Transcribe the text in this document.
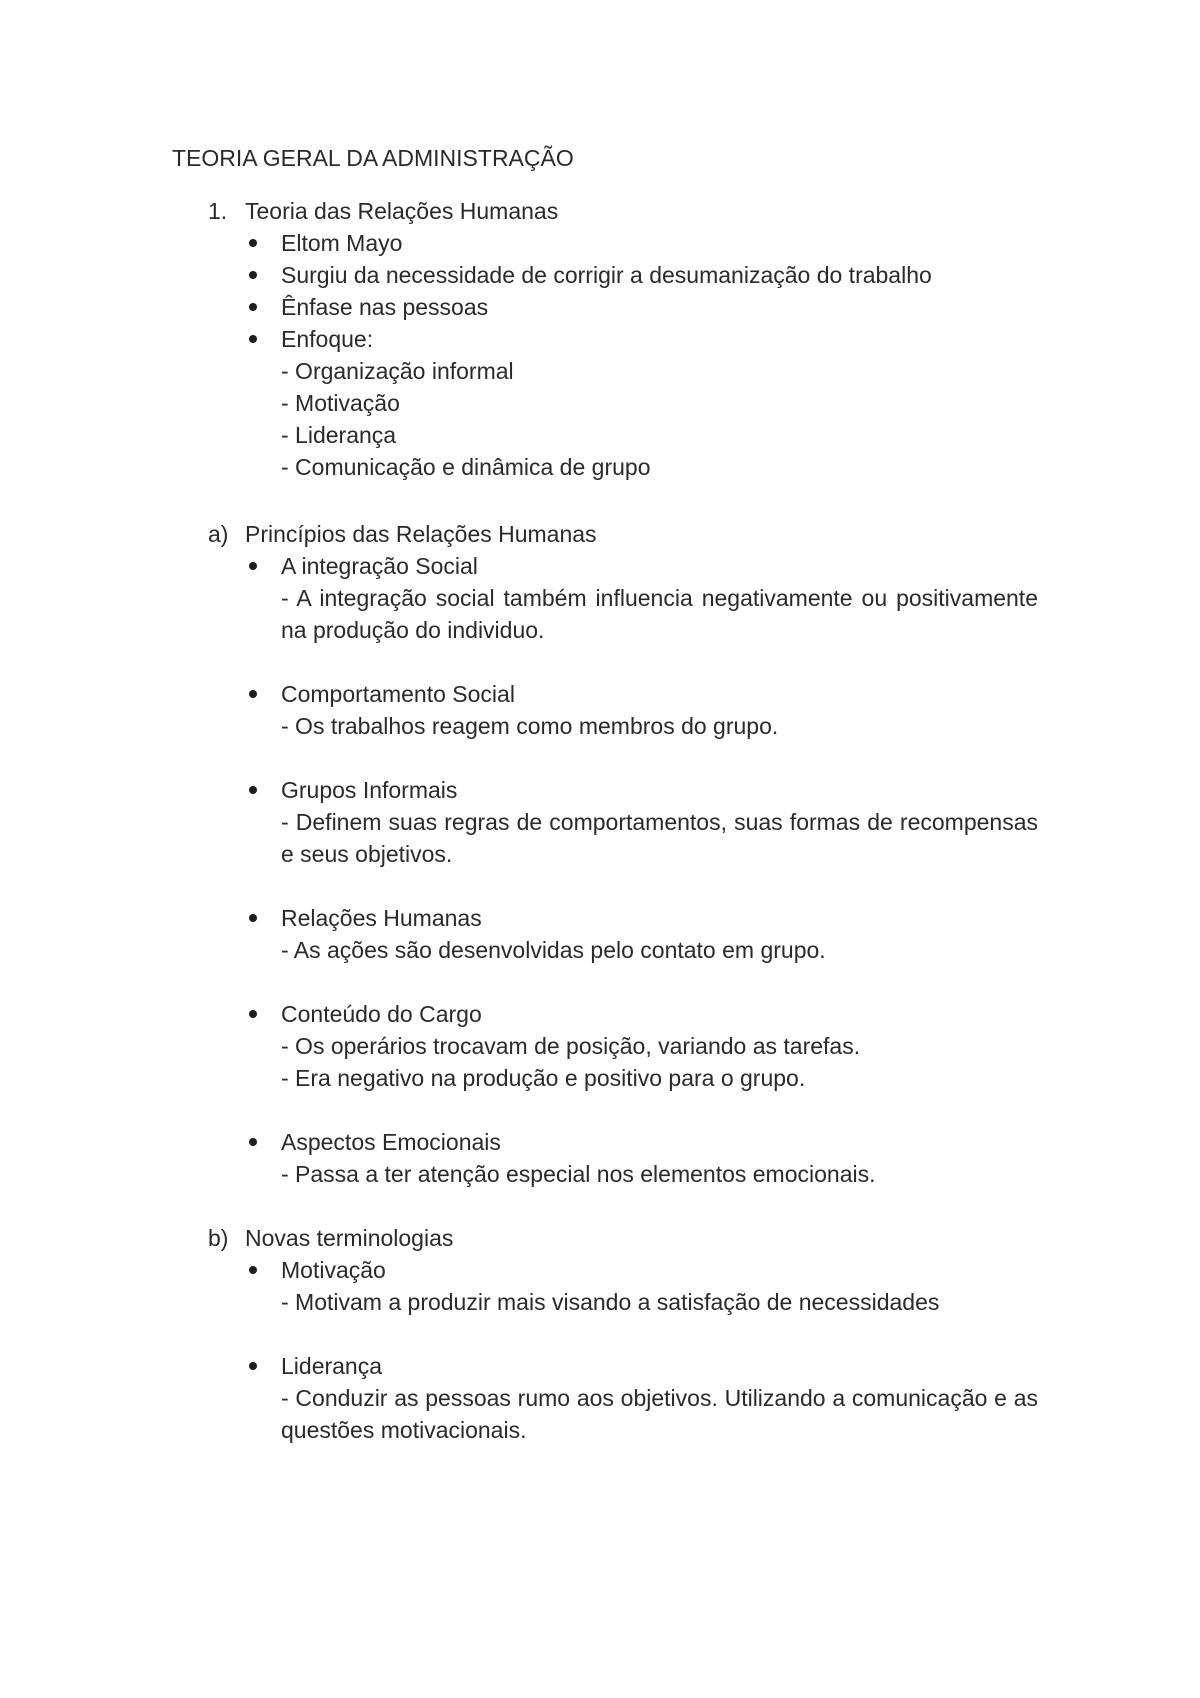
TEORIA GERAL DA ADMINISTRAÇÃO
1. Teoria das Relações Humanas
Eltom Mayo
Surgiu da necessidade de corrigir a desumanização do trabalho
Ênfase nas pessoas
Enfoque:
- Organização informal
- Motivação
- Liderança
- Comunicação e dinâmica de grupo
a) Princípios das Relações Humanas
A integração Social
- A integração social também influencia negativamente ou positivamente na produção do individuo.
Comportamento Social
- Os trabalhos reagem como membros do grupo.
Grupos Informais
- Definem suas regras de comportamentos, suas formas de recompensas e seus objetivos.
Relações Humanas
- As ações são desenvolvidas pelo contato em grupo.
Conteúdo do Cargo
- Os operários trocavam de posição, variando as tarefas.
- Era negativo na produção e positivo para o grupo.
Aspectos Emocionais
- Passa a ter atenção especial nos elementos emocionais.
b) Novas terminologias
Motivação
- Motivam a produzir mais visando a satisfação de necessidades
Liderança
- Conduzir as pessoas rumo aos objetivos. Utilizando a comunicação e as questões motivacionais.
